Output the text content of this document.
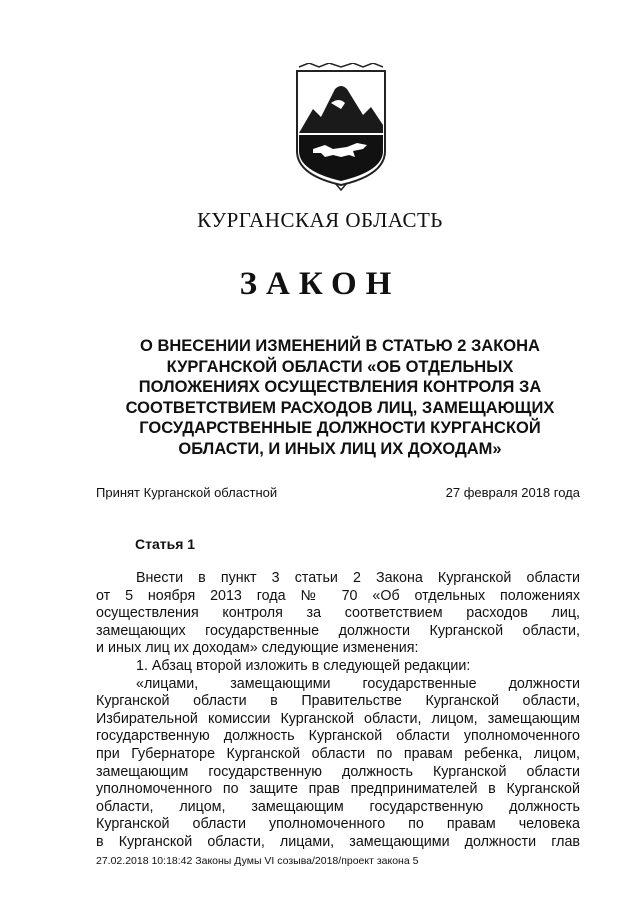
КУРГАНСКАЯ ОБЛАСТЬ
ЗАКОН
О ВНЕСЕНИИ ИЗМЕНЕНИЙ В СТАТЬЮ 2 ЗАКОНА
КУРГАНСКОЙ ОБЛАСТИ «ОБ ОТДЕЛЬНЫХ
ПОЛОЖЕНИЯХ ОСУЩЕСТВЛЕНИЯ КОНТРОЛЯ ЗА
СООТВЕТСТВИЕМ РАСХОДОВ ЛИЦ, ЗАМЕЩАЮЩИХ
ГОСУДАРСТВЕННЫЕ ДОЛЖНОСТИ КУРГАНСКОЙ
ОБЛАСТИ, И ИНЫХ ЛИЦ ИХ ДОХОДАМ»
Принят Курганской областной	27 февраля 2018 года
Статья 1

Внести в пункт 3 статьи 2 Закона Курганской области

от 5 ноября 2013 года № 70 «Об отдельных положениях

осуществления контроля за соответствием расходов лиц,

замещающих государственные должности Курганской области,

и иных лиц их доходам» следующие изменения:

1. Абзац второй изложить в следующей редакции:

«лицами, замещающими государственные должности

Курганской области в Правительстве Курганской области,

Избирательной комиссии Курганской области, лицом, замещающим

государственную должность Курганской области уполномоченного

при Губернаторе Курганской области по правам ребенка, лицом,

замещающим государственную должность Курганской области

уполномоченного по защите прав предпринимателей в Курганской

области, лицом, замещающим государственную должность

Курганской области уполномоченного по правам человека

в Курганской области, лицами, замещающими должности глав

27.02.2018 10:18:42 Законы Думы VI созыва/2018/проект закона 5
